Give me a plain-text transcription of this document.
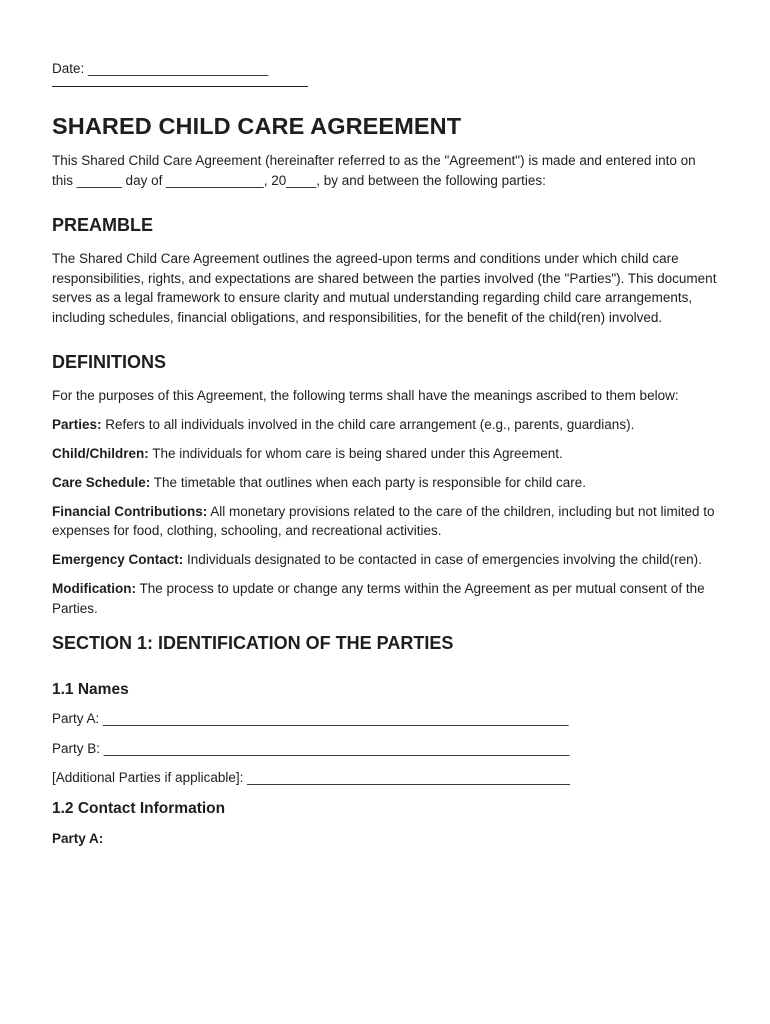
Date: ________________________
SHARED CHILD CARE AGREEMENT

This Shared Child Care Agreement (hereinafter referred to as the "Agreement") is made and entered into on this ______ day of _____________, 20____, by and between the following parties:

PREAMBLE

The Shared Child Care Agreement outlines the agreed-upon terms and conditions under which child care responsibilities, rights, and expectations are shared between the parties involved (the "Parties"). This document serves as a legal framework to ensure clarity and mutual understanding regarding child care arrangements, including schedules, financial obligations, and responsibilities, for the benefit of the child(ren) involved.

DEFINITIONS

For the purposes of this Agreement, the following terms shall have the meanings ascribed to them below:

Parties: Refers to all individuals involved in the child care arrangement (e.g., parents, guardians).

Child/Children: The individuals for whom care is being shared under this Agreement.

Care Schedule: The timetable that outlines when each party is responsible for child care.

Financial Contributions: All monetary provisions related to the care of the children, including but not limited to expenses for food, clothing, schooling, and recreational activities.

Emergency Contact: Individuals designated to be contacted in case of emergencies involving the child(ren).

Modification: The process to update or change any terms within the Agreement as per mutual consent of the Parties.

SECTION 1: IDENTIFICATION OF THE PARTIES
1.1 Names

Party A: ______________________________________________________________

Party B: ______________________________________________________________

[Additional Parties if applicable]: ___________________________________________

1.2 Contact Information

Party A:
